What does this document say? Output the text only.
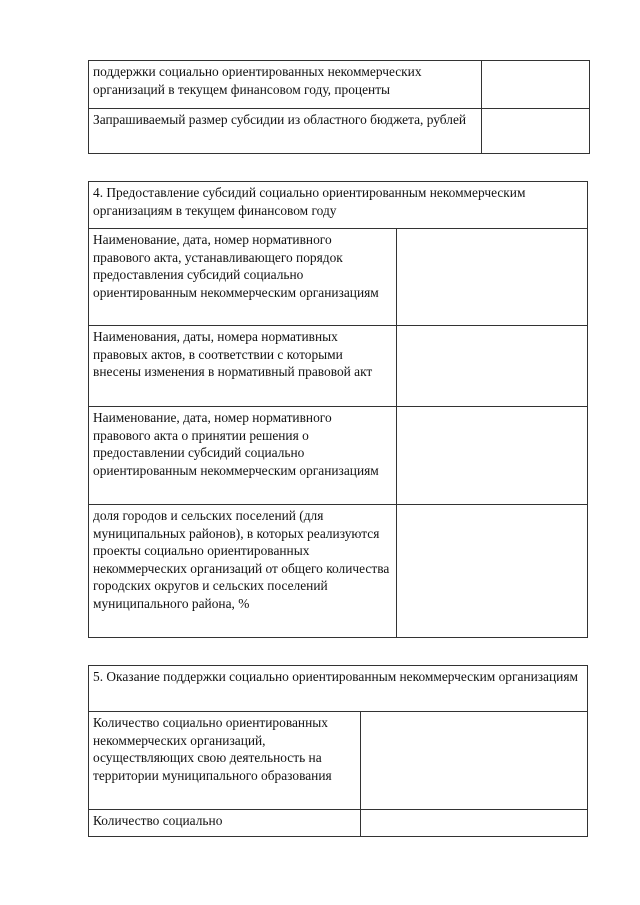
поддержки социально ориентированных некоммерческих организаций в текущем финансовом году, проценты	
Запрашиваемый размер субсидии из областного бюджета, рублей	
4. Предоставление субсидий социально ориентированным некоммерческим организациям в текущем финансовом году	
Наименование, дата, номер нормативного правового акта, устанавливающего порядок предоставления субсидий социально ориентированным некоммерческим организациям	
Наименования, даты, номера нормативных правовых актов, в соответствии с которыми внесены изменения в нормативный правовой акт	
Наименование, дата, номер нормативного правового акта о принятии решения о предоставлении субсидий социально ориентированным некоммерческим организациям	
доля городов и сельских поселений (для муниципальных районов), в которых реализуются проекты социально ориентированных некоммерческих организаций от общего количества городских округов и сельских поселений муниципального района, %	
5. Оказание поддержки социально ориентированным некоммерческим организациям	
Количество социально ориентированных некоммерческих организаций, осуществляющих свою деятельность на территории муниципального образования	
Количество социально	
